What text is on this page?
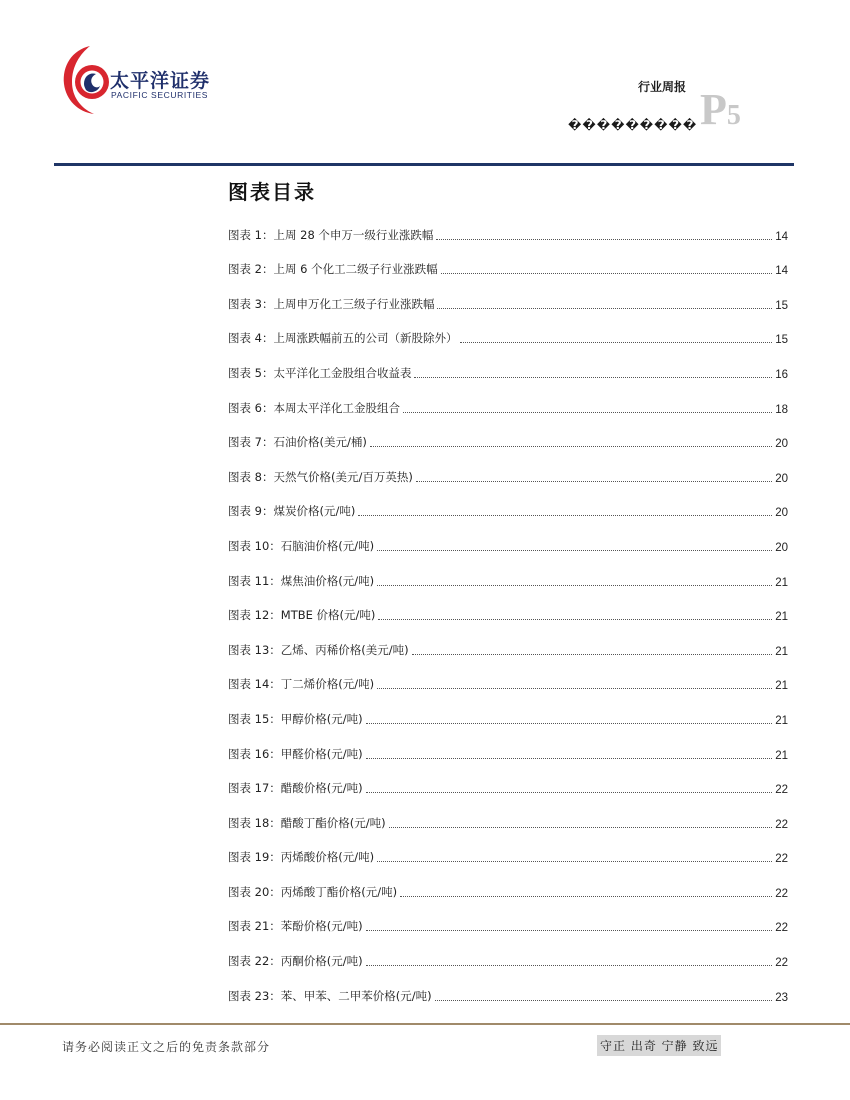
太平洋证券
PACIFIC SECURITIES
行业周报
��������� P5
图表目录
图表 1：上周 28 个申万一级行业涨跌幅	14
图表 2：上周 6 个化工二级子行业涨跌幅	14
图表 3：上周申万化工三级子行业涨跌幅	15
图表 4：上周涨跌幅前五的公司（新股除外）	15
图表 5：太平洋化工金股组合收益表	16
图表 6：本周太平洋化工金股组合	18
图表 7：石油价格(美元/桶)	20
图表 8：天然气价格(美元/百万英热)	20
图表 9：煤炭价格(元/吨)	20
图表 10：石脑油价格(元/吨)	20
图表 11：煤焦油价格(元/吨)	21
图表 12：MTBE 价格(元/吨)	21
图表 13：乙烯、丙稀价格(美元/吨)	21
图表 14：丁二烯价格(元/吨)	21
图表 15：甲醇价格(元/吨)	21
图表 16：甲醛价格(元/吨)	21
图表 17：醋酸价格(元/吨)	22
图表 18：醋酸丁酯价格(元/吨)	22
图表 19：丙烯酸价格(元/吨)	22
图表 20：丙烯酸丁酯价格(元/吨)	22
图表 21：苯酚价格(元/吨)	22
图表 22：丙酮价格(元/吨)	22
图表 23：苯、甲苯、二甲苯价格(元/吨)	23
请务必阅读正文之后的免责条款部分	守正 出奇 宁静 致远
